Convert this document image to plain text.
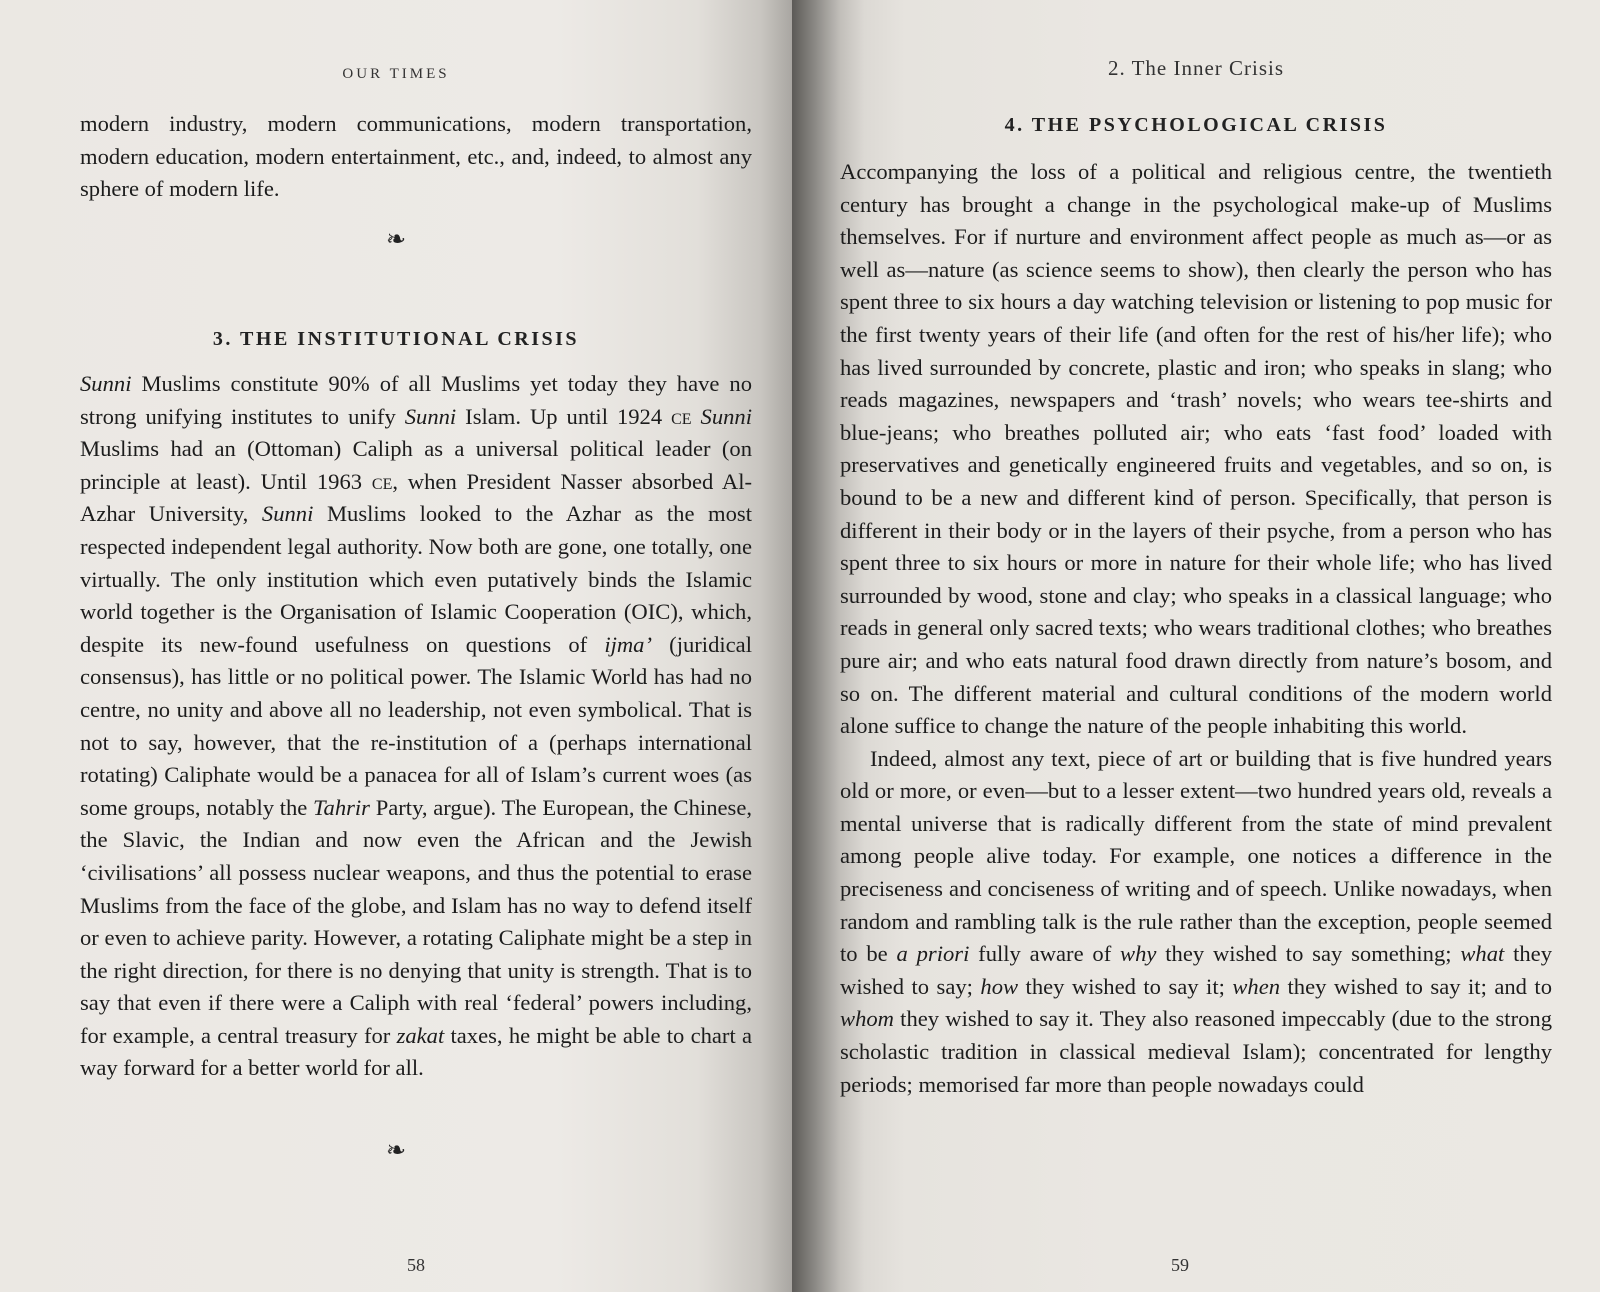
OUR TIMES

modern industry, modern communications, modern transportation, modern education, modern entertainment, etc., and, indeed, to almost any sphere of modern life.

❧
3. THE INSTITUTIONAL CRISIS

Sunni Muslims constitute 90% of all Muslims yet today they have no strong unifying institutes to unify Sunni Islam. Up until 1924 ce Sunni Muslims had an (Ottoman) Caliph as a universal political leader (on principle at least). Until 1963 ce, when President Nasser absorbed Al-Azhar University, Sunni Muslims looked to the Azhar as the most respected independent legal authority. Now both are gone, one totally, one virtually. The only institution which even putatively binds the Islamic world together is the Organisation of Islamic Cooperation (OIC), which, despite its new-found usefulness on questions of ijma’ (juridical consensus), has little or no political power. The Islamic World has had no centre, no unity and above all no leadership, not even symbolical. That is not to say, however, that the re-institution of a (perhaps international rotating) Caliphate would be a panacea for all of Islam’s current woes (as some groups, notably the Tahrir Party, argue). The European, the Chinese, the Slavic, the Indian and now even the African and the Jewish ‘civilisations’ all possess nuclear weapons, and thus the potential to erase Muslims from the face of the globe, and Islam has no way to defend itself or even to achieve parity. However, a rotating Caliphate might be a step in the right direction, for there is no denying that unity is strength. That is to say that even if there were a Caliph with real ‘federal’ powers including, for example, a central treasury for zakat taxes, he might be able to chart a way forward for a better world for all.

❧
58
2. The Inner Crisis
4. THE PSYCHOLOGICAL CRISIS

Accompanying the loss of a political and religious centre, the twentieth century has brought a change in the psychological make-up of Muslims themselves. For if nurture and environment affect people as much as—or as well as—nature (as science seems to show), then clearly the person who has spent three to six hours a day watching television or listening to pop music for the first twenty years of their life (and often for the rest of his/her life); who has lived surrounded by concrete, plastic and iron; who speaks in slang; who reads magazines, newspapers and ‘trash’ novels; who wears tee-shirts and blue-jeans; who breathes polluted air; who eats ‘fast food’ loaded with preservatives and genetically engineered fruits and vegetables, and so on, is bound to be a new and different kind of person. Specifically, that person is different in their body or in the layers of their psyche, from a person who has spent three to six hours or more in nature for their whole life; who has lived surrounded by wood, stone and clay; who speaks in a classical language; who reads in general only sacred texts; who wears traditional clothes; who breathes pure air; and who eats natural food drawn directly from nature’s bosom, and so on. The different material and cultural conditions of the modern world alone suffice to change the nature of the people inhabiting this world.

Indeed, almost any text, piece of art or building that is five hundred years old or more, or even—but to a lesser extent—two hundred years old, reveals a mental universe that is radically different from the state of mind prevalent among people alive today. For example, one notices a difference in the preciseness and conciseness of writing and of speech. Unlike nowadays, when random and rambling talk is the rule rather than the exception, people seemed to be a priori fully aware of why they wished to say something; what they wished to say; how they wished to say it; when they wished to say it; and to whom they wished to say it. They also reasoned impeccably (due to the strong scholastic tradition in classical medieval Islam); concentrated for lengthy periods; memorised far more than people nowadays could

59
